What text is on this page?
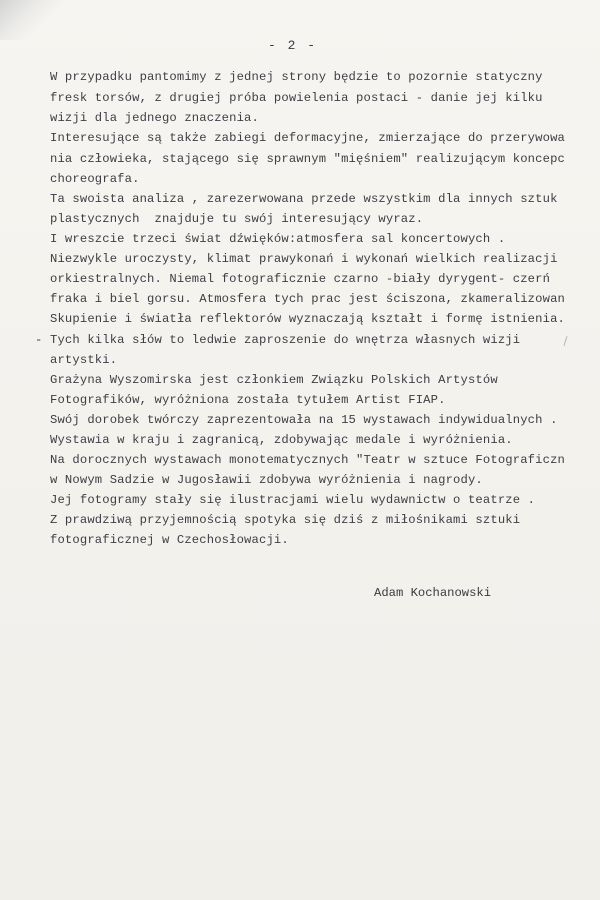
- 2 -
W przypadku pantomimy z jednej strony będzie to pozornie statyczny
fresk torsów, z drugiej próba powielenia postaci - danie jej kilku
wizji dla jednego znaczenia.
Interesujące są także zabiegi deformacyjne, zmierzające do przerywowa
nia człowieka, stającego się sprawnym "mięśniem" realizującym koncepc
choreografa.
Ta swoista analiza , zarezerwowana przede wszystkim dla innych sztuk
plastycznych  znajduje tu swój interesujący wyraz.
I wreszcie trzeci świat dźwięków:atmosfera sal koncertowych .
Niezwykle uroczysty, klimat prawykonań i wykonań wielkich realizacji
orkiestralnych. Niemal fotograficznie czarno -biały dyrygent- czerń
fraka i biel gorsu. Atmosfera tych prac jest ściszona, zkameralizowan
Skupienie i światła reflektorów wyznaczają kształt i formę istnienia.
- Tych kilka słów to ledwie zaproszenie do wnętrza własnych wizji
artystki.
Grażyna Wyszomirska jest członkiem Związku Polskich Artystów
Fotografików, wyróżniona została tytułem Artist FIAP.
Swój dorobek twórczy zaprezentowała na 15 wystawach indywidualnych .
Wystawia w kraju i zagranicą, zdobywając medale i wyróżnienia.
Na dorocznych wystawach monotematycznych "Teatr w sztuce Fotograficzn
w Nowym Sadzie w Jugosławii zdobywa wyróżnienia i nagrody.
Jej fotogramy stały się ilustracjami wielu wydawnictw o teatrze .
Z prawdziwą przyjemnością spotyka się dziś z miłośnikami sztuki
fotograficznej w Czechosłowacji.
Adam Kochanowski
